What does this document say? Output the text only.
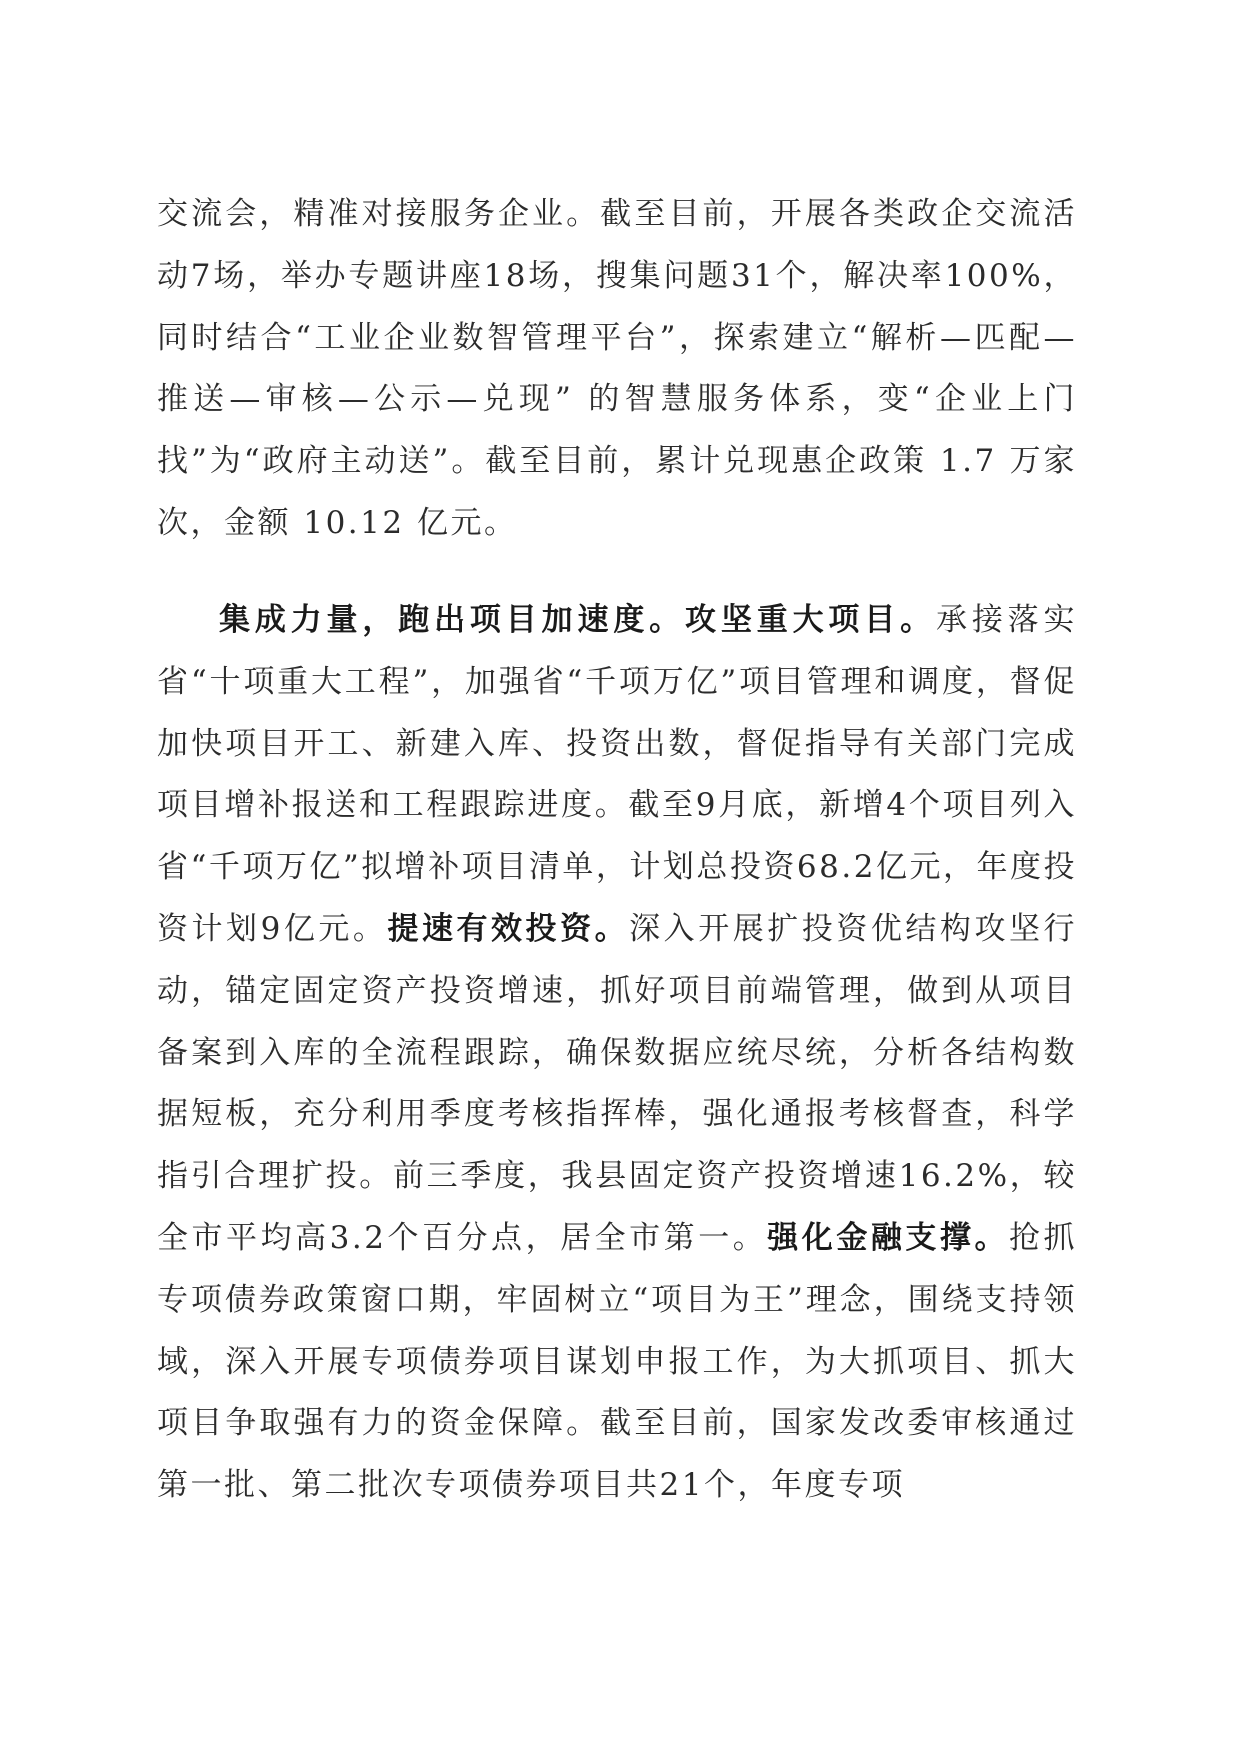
交流会，精准对接服务企业。截至目前，开展各类政企交流活动7场，举办专题讲座18场，搜集问题31个，解决率100%，同时结合“工业企业数智管理平台”，探索建立“解析—匹配—推送—审核—公示—兑现” 的智慧服务体系，变“企业上门找”为“政府主动送”。截至目前，累计兑现惠企政策 1.7 万家次，金额 10.12 亿元。

集成力量，跑出项目加速度。攻坚重大项目。承接落实省“十项重大工程”，加强省“千项万亿”项目管理和调度，督促加快项目开工、新建入库、投资出数，督促指导有关部门完成项目增补报送和工程跟踪进度。截至9月底，新增4个项目列入省“千项万亿”拟增补项目清单，计划总投资68.2亿元，年度投资计划9亿元。提速有效投资。深入开展扩投资优结构攻坚行动，锚定固定资产投资增速，抓好项目前端管理，做到从项目备案到入库的全流程跟踪，确保数据应统尽统，分析各结构数据短板，充分利用季度考核指挥棒，强化通报考核督查，科学指引合理扩投。前三季度，我县固定资产投资增速16.2%，较全市平均高3.2个百分点，居全市第一。强化金融支撑。抢抓专项债券政策窗口期，牢固树立“项目为王”理念，围绕支持领域，深入开展专项债券项目谋划申报工作，为大抓项目、抓大项目争取强有力的资金保障。截至目前，国家发改委审核通过第一批、第二批次专项债券项目共21个，年度专项
